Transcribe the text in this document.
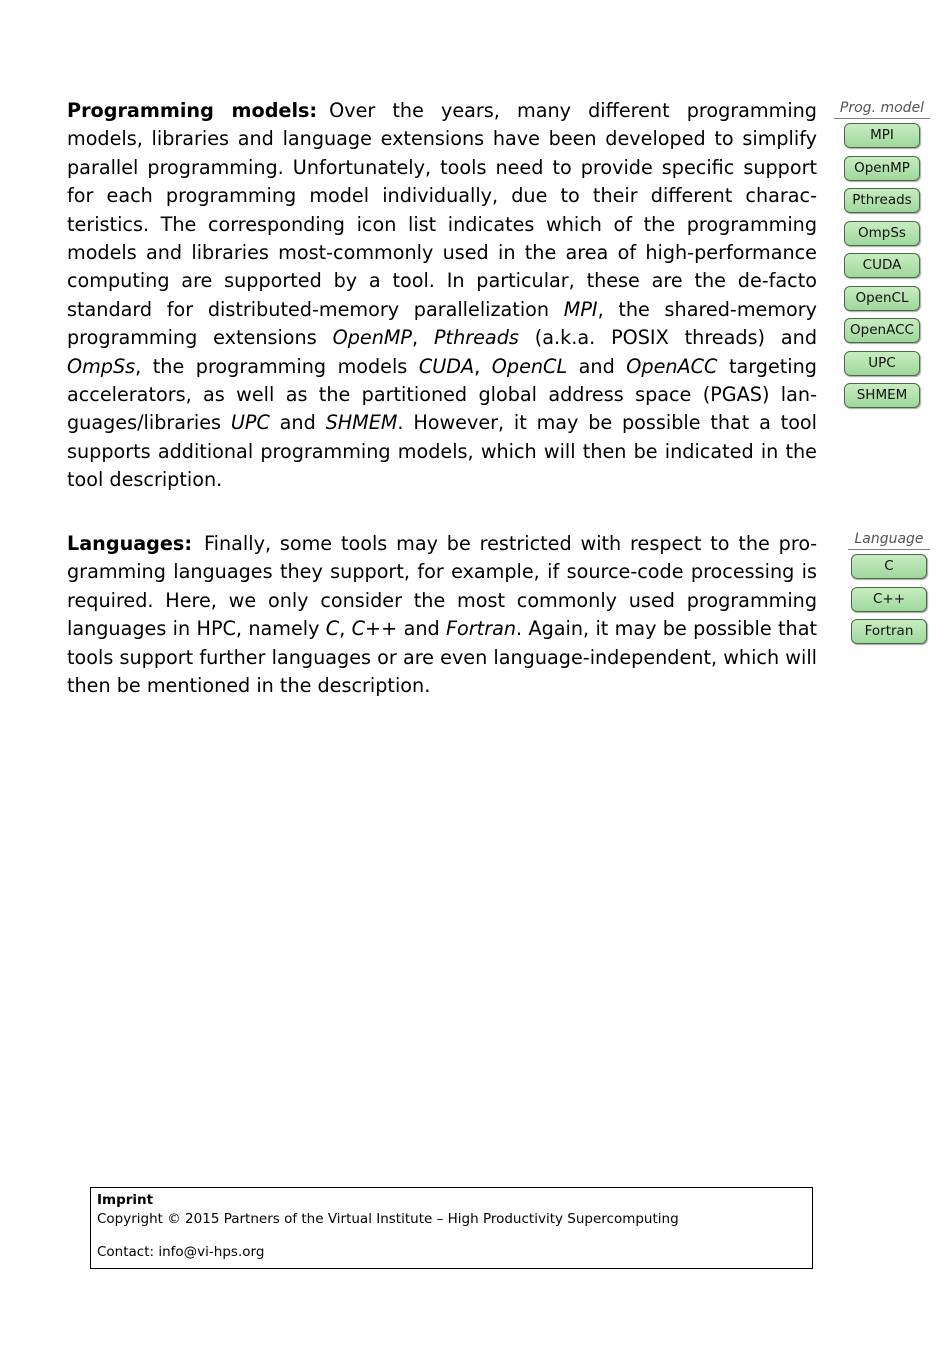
Programming models: Over the years, many different programming models, libraries and language extensions have been developed to simplify parallel programming. Unfortunately, tools need to provide specific support for each programming model individually, due to their different characteristics. The corresponding icon list indicates which of the programming models and libraries most-commonly used in the area of high-performance computing are supported by a tool. In particular, these are the de-facto standard for distributed-memory parallelization MPI, the shared-memory programming extensions OpenMP, Pthreads (a.k.a. POSIX threads) and OmpSs, the programming models CUDA, OpenCL and OpenACC targeting accelerators, as well as the partitioned global address space (PGAS) languages/libraries UPC and SHMEM. However, it may be possible that a tool supports additional programming models, which will then be indicated in the tool description.
Prog. model
MPI
OpenMP
Pthreads
OmpSs
CUDA
OpenCL
OpenACC
UPC
SHMEM
Languages: Finally, some tools may be restricted with respect to the programming languages they support, for example, if source-code processing is required. Here, we only consider the most commonly used programming languages in HPC, namely C, C++ and Fortran. Again, it may be possible that tools support further languages or are even language-independent, which will then be mentioned in the description.
Language
C
C++
Fortran
Imprint
Copyright © 2015 Partners of the Virtual Institute – High Productivity Supercomputing
Contact: info@vi-hps.org
